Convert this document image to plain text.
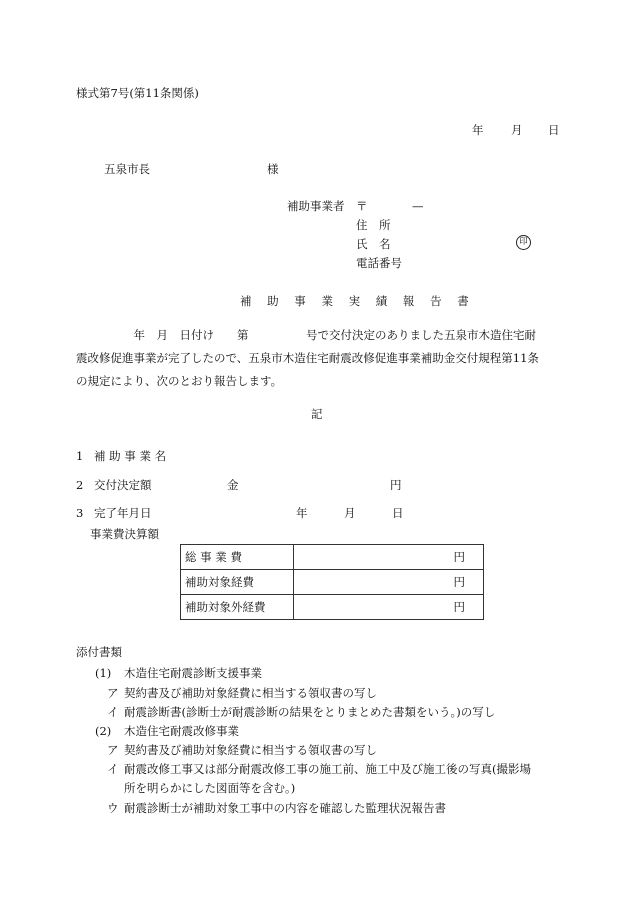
様式第7号(第11条関係)
年 月 日
五泉市長	様
補助事業者 〒	—
住　所
氏　名	印
電話番号
補 助 事 業 実 績 報 告 書

　　　　　年　月　日付け　　第　　　　　号で交付決定のありました五泉市木造住宅耐

震改修促進事業が完了したので、五泉市木造住宅耐震改修促進事業補助金交付規程第11条

の規定により、次のとおり報告します。

記
1 補 助 事 業 名
2 交付決定額	金	円
3 完了年月日	年	月	日
事業費決算額
総 事 業 費	円
補助対象経費	円
補助対象外経費	円
添付書類
(1) 木造住宅耐震診断支援事業
ア 契約書及び補助対象経費に相当する領収書の写し
イ 耐震診断書(診断士が耐震診断の結果をとりまとめた書類をいう。)の写し
(2) 木造住宅耐震改修事業
ア 契約書及び補助対象経費に相当する領収書の写し
イ 耐震改修工事又は部分耐震改修工事の施工前、施工中及び施工後の写真(撮影場
所を明らかにした図面等を含む。)
ウ 耐震診断士が補助対象工事中の内容を確認した監理状況報告書
